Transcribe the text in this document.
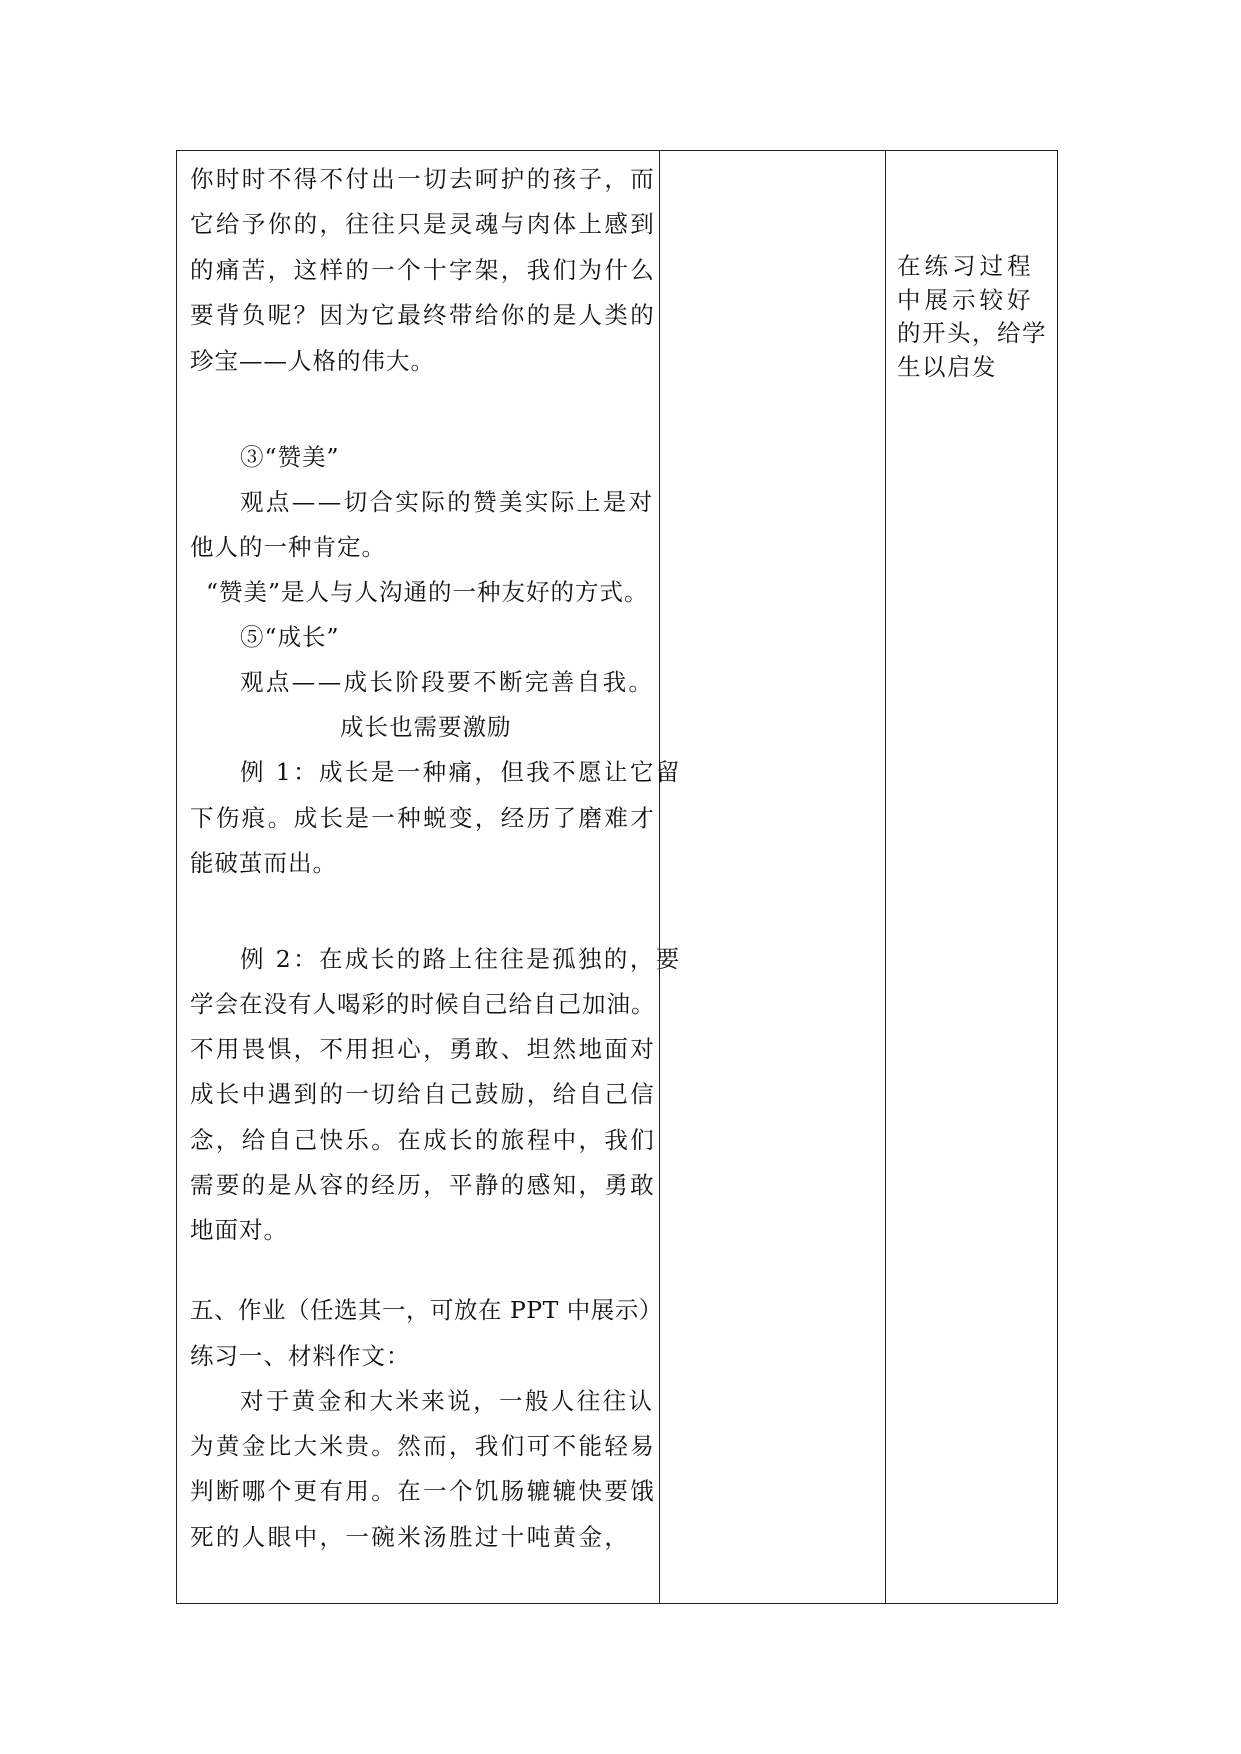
你时时不得不付出一切去呵护的孩子，而
它给予你的，往往只是灵魂与肉体上感到
的痛苦，这样的一个十字架，我们为什么
要背负呢？因为它最终带给你的是人类的
珍宝——人格的伟大。
③“赞美”
观点——切合实际的赞美实际上是对
他人的一种肯定。
“赞美”是人与人沟通的一种友好的方式。
⑤“成长”
观点——成长阶段要不断完善自我。
成长也需要激励
例 1：成长是一种痛，但我不愿让它留
下伤痕。成长是一种蜕变，经历了磨难才
能破茧而出。
例 2：在成长的路上往往是孤独的，要
学会在没有人喝彩的时候自己给自己加油。
不用畏惧，不用担心，勇敢、坦然地面对
成长中遇到的一切给自己鼓励，给自己信
念，给自己快乐。在成长的旅程中，我们
需要的是从容的经历，平静的感知，勇敢
地面对。
五、作业（任选其一，可放在 PPT 中展示）
练习一、材料作文：
对于黄金和大米来说，一般人往往认
为黄金比大米贵。然而，我们可不能轻易
判断哪个更有用。在一个饥肠辘辘快要饿
死的人眼中，一碗米汤胜过十吨黄金，
在练习过程
中展示较好
的开头，给学
生以启发
